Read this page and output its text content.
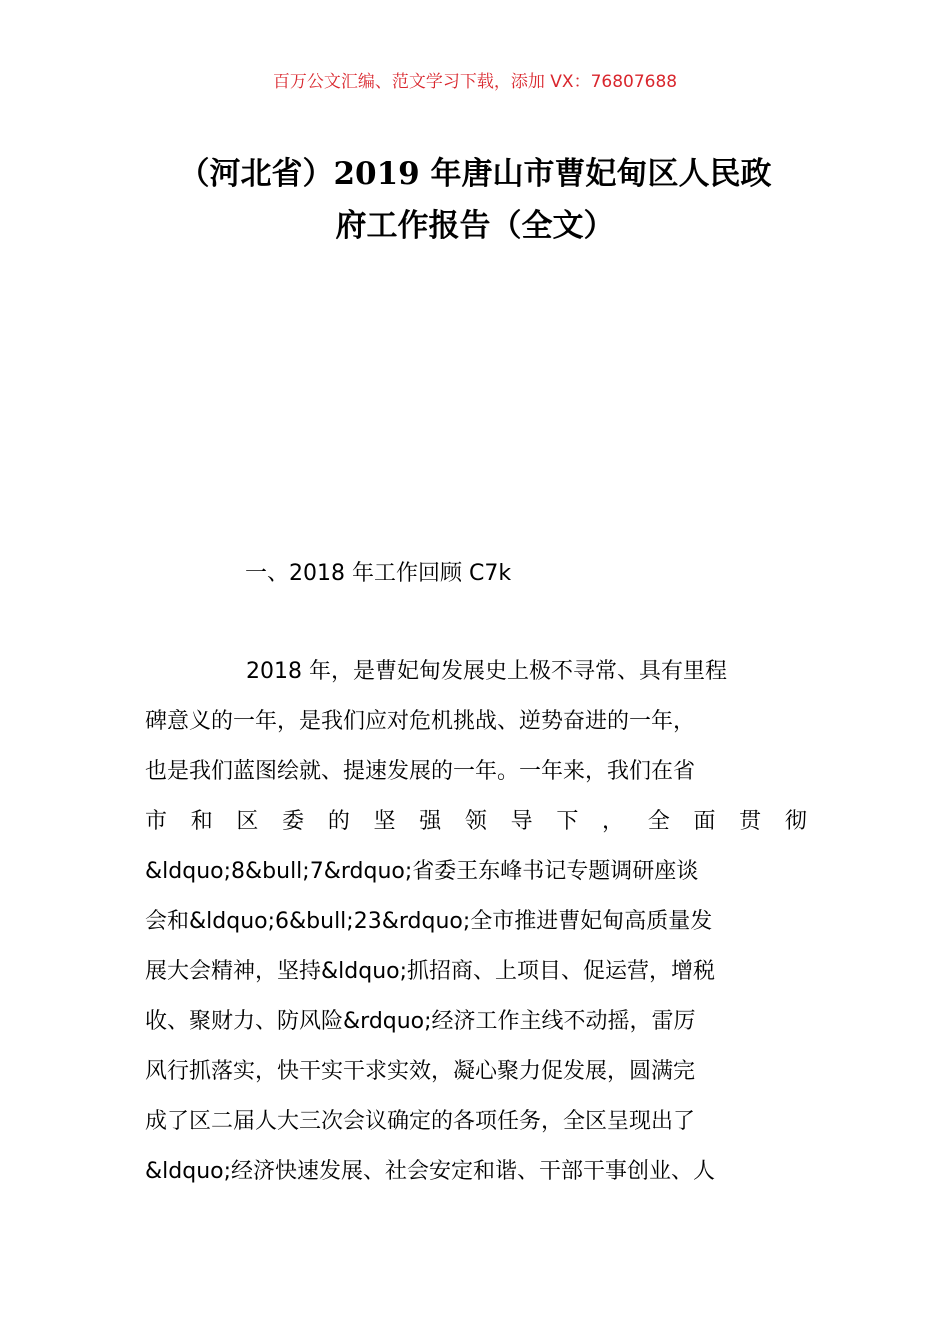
百万公文汇编、范文学习下载，添加 VX：76807688
（河北省）2019 年唐山市曹妃甸区人民政
府工作报告（全文）
一、2018 年工作回顾 C7k
2018 年，是曹妃甸发展史上极不寻常、具有里程
碑意义的一年，是我们应对危机挑战、逆势奋进的一年，
也是我们蓝图绘就、提速发展的一年。一年来，我们在省
市 和 区 委 的 坚 强 领 导 下 ， 全 面 贯 彻
&ldquo;8&bull;7&rdquo;省委王东峰书记专题调研座谈
会和&ldquo;6&bull;23&rdquo;全市推进曹妃甸高质量发
展大会精神，坚持&ldquo;抓招商、上项目、促运营，增税
收、聚财力、防风险&rdquo;经济工作主线不动摇，雷厉
风行抓落实，快干实干求实效，凝心聚力促发展，圆满完
成了区二届人大三次会议确定的各项任务，全区呈现出了
&ldquo;经济快速发展、社会安定和谐、干部干事创业、人
